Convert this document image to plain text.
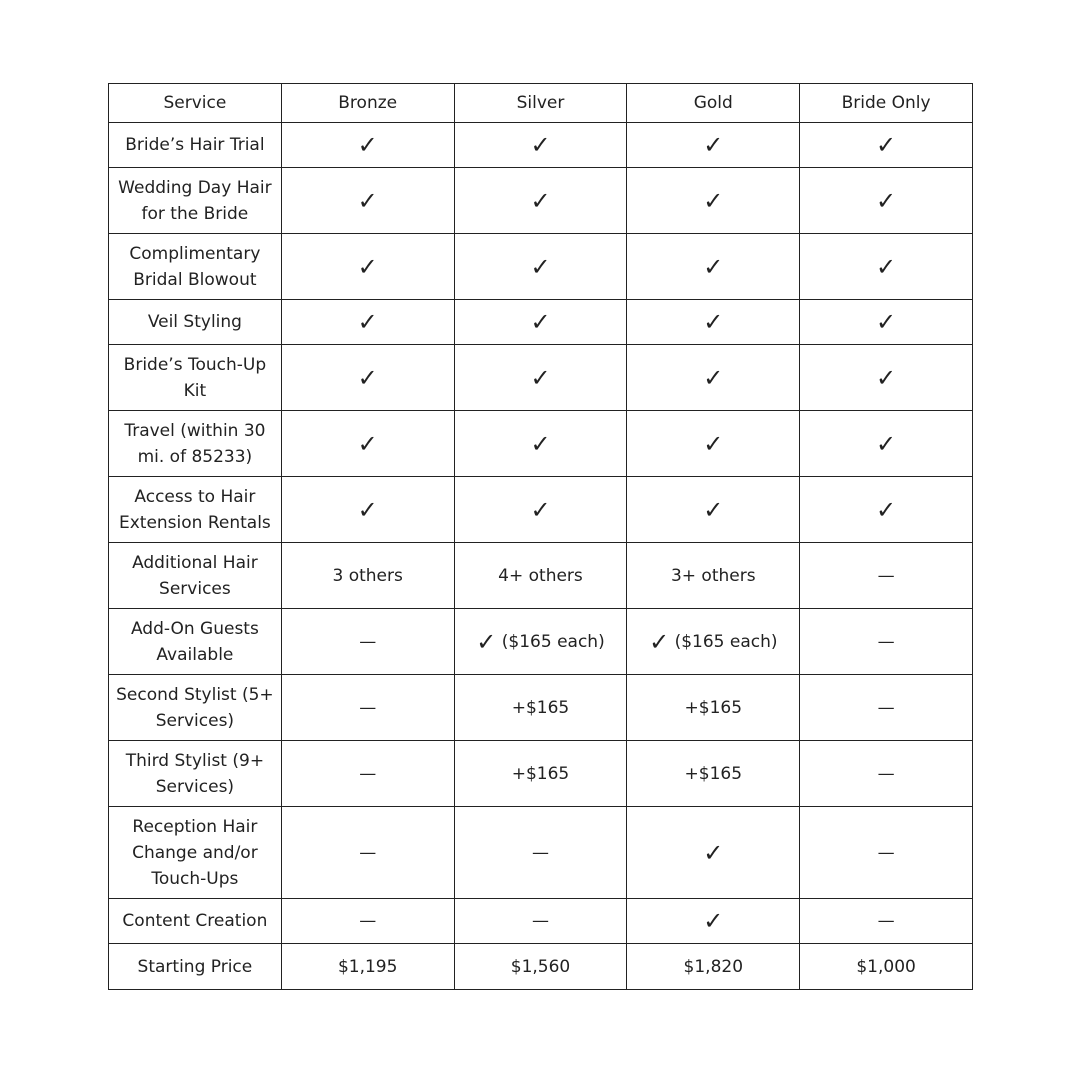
Service	Bronze	Silver	Gold	Bride Only
Bride’s Hair Trial	✓	✓	✓	✓
Wedding Day Hair for the Bride	✓	✓	✓	✓
Complimentary Bridal Blowout	✓	✓	✓	✓
Veil Styling	✓	✓	✓	✓
Bride’s Touch-Up Kit	✓	✓	✓	✓
Travel (within 30 mi. of 85233)	✓	✓	✓	✓
Access to Hair Extension Rentals	✓	✓	✓	✓
Additional Hair Services	3 others	4+ others	3+ others	—
Add-On Guests Available	—	✓ ($165 each)	✓ ($165 each)	—
Second Stylist (5+ Services)	—	+$165	+$165	—
Third Stylist (9+ Services)	—	+$165	+$165	—
Reception Hair Change and/or Touch-Ups	—	—	✓	—
Content Creation	—	—	✓	—
Starting Price	$1,195	$1,560	$1,820	$1,000
